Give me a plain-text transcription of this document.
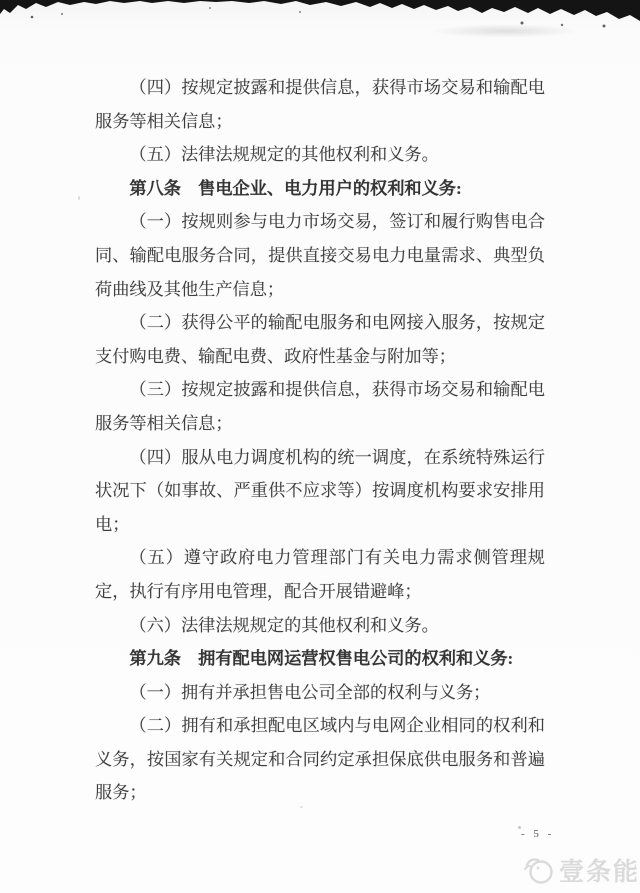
（四）按规定披露和提供信息，获得市场交易和输配电服务等相关信息；

（五）法律法规规定的其他权利和义务。

第八条　售电企业、电力用户的权利和义务:

（一）按规则参与电力市场交易，签订和履行购售电合同、输配电服务合同，提供直接交易电力电量需求、典型负荷曲线及其他生产信息；

（二）获得公平的输配电服务和电网接入服务，按规定支付购电费、输配电费、政府性基金与附加等；

（三）按规定披露和提供信息，获得市场交易和输配电服务等相关信息；

（四）服从电力调度机构的统一调度，在系统特殊运行状况下（如事故、严重供不应求等）按调度机构要求安排用电；

（五）遵守政府电力管理部门有关电力需求侧管理规定，执行有序用电管理，配合开展错避峰；

（六）法律法规规定的其他权利和义务。

第九条　拥有配电网运营权售电公司的权利和义务:

（一）拥有并承担售电公司全部的权利与义务；

（二）拥有和承担配电区域内与电网企业相同的权利和义务，按国家有关规定和合同约定承担保底供电服务和普遍服务；

- 5 -
壹条能
